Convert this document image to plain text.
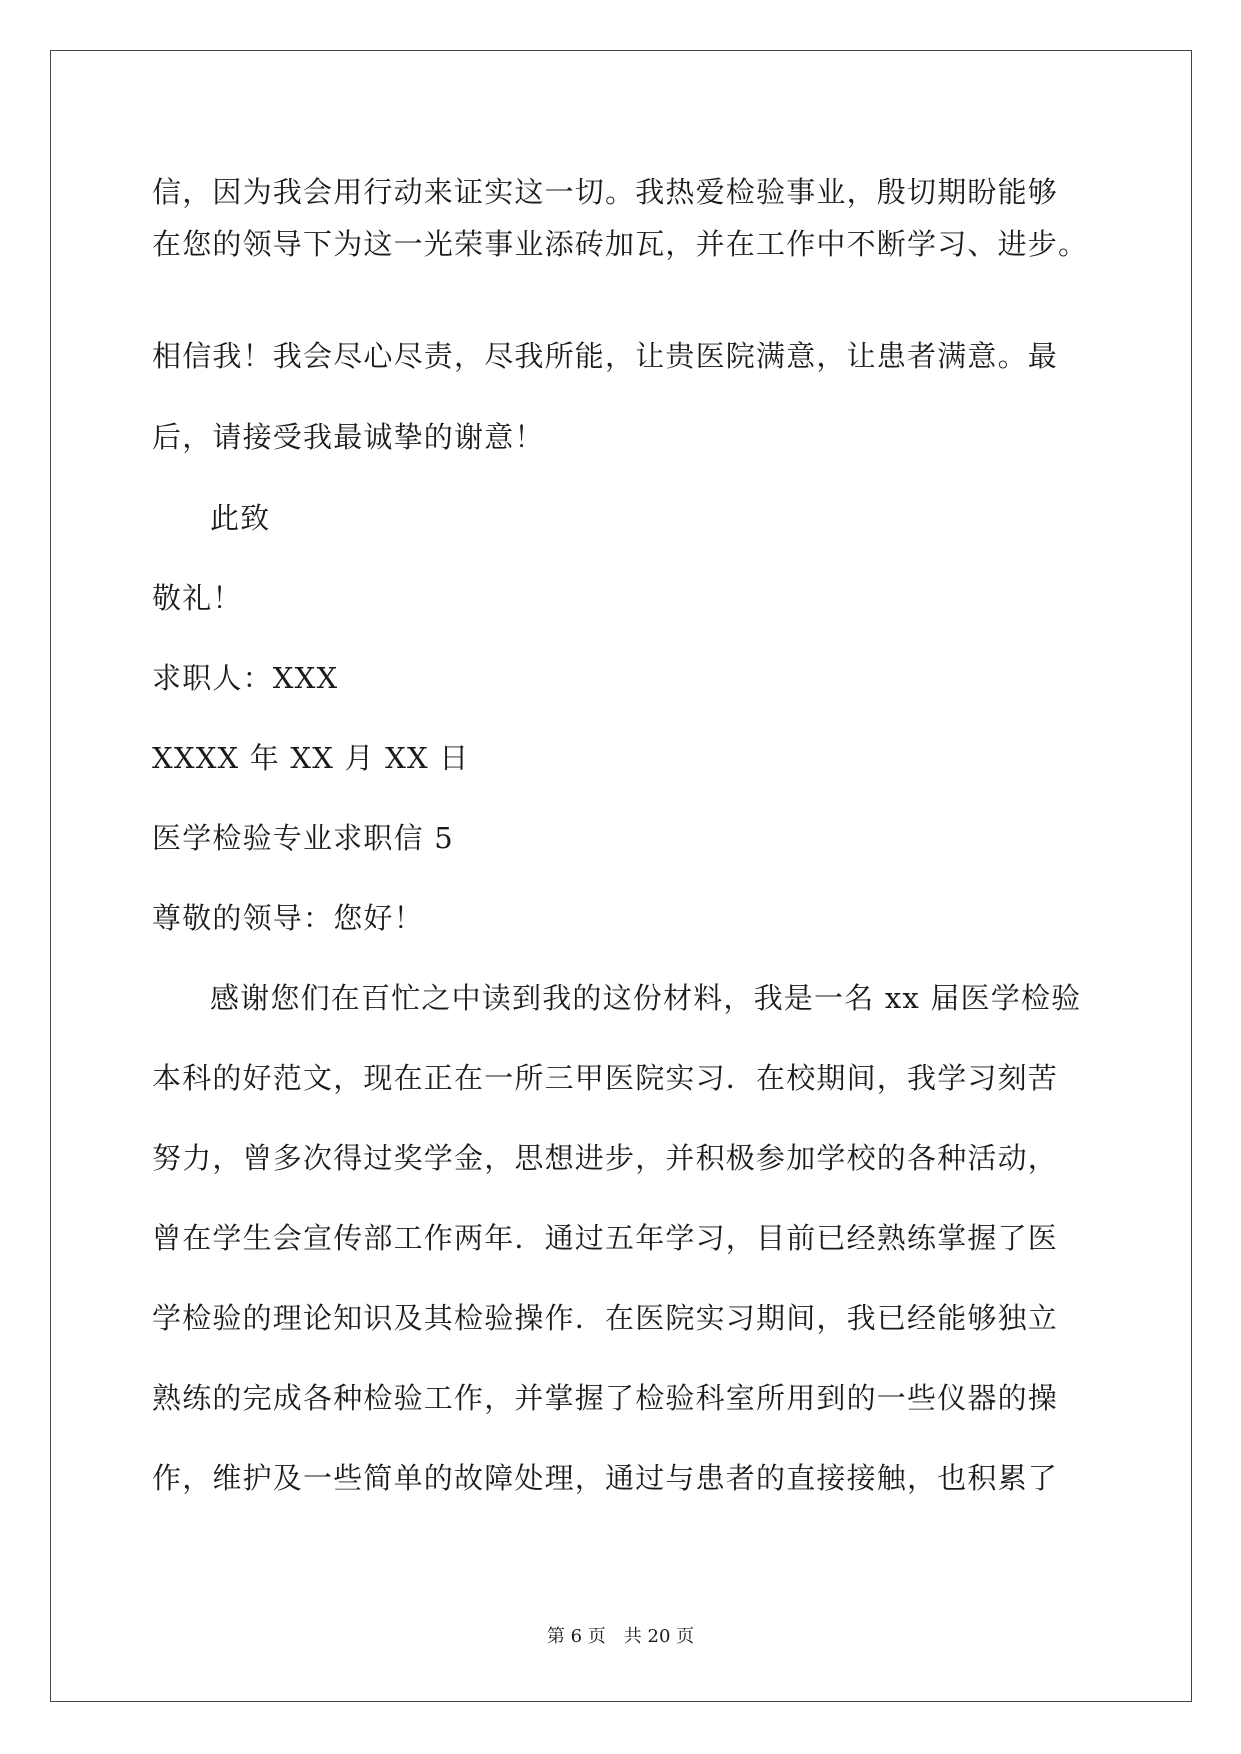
信，因为我会用行动来证实这一切。我热爱检验事业，殷切期盼能够
在您的领导下为这一光荣事业添砖加瓦，并在工作中不断学习、进步。
相信我！我会尽心尽责，尽我所能，让贵医院满意，让患者满意。最
后，请接受我最诚挚的谢意！
此致
敬礼！
求职人：XXX
XXXX 年 XX 月 XX 日
医学检验专业求职信 5
尊敬的领导：您好！
感谢您们在百忙之中读到我的这份材料，我是一名 xx 届医学检验
本科的好范文，现在正在一所三甲医院实习．在校期间，我学习刻苦
努力，曾多次得过奖学金，思想进步，并积极参加学校的各种活动，
曾在学生会宣传部工作两年．通过五年学习，目前已经熟练掌握了医
学检验的理论知识及其检验操作．在医院实习期间，我已经能够独立
熟练的完成各种检验工作，并掌握了检验科室所用到的一些仪器的操
作，维护及一些简单的故障处理，通过与患者的直接接触，也积累了
第 6 页　共 20 页
